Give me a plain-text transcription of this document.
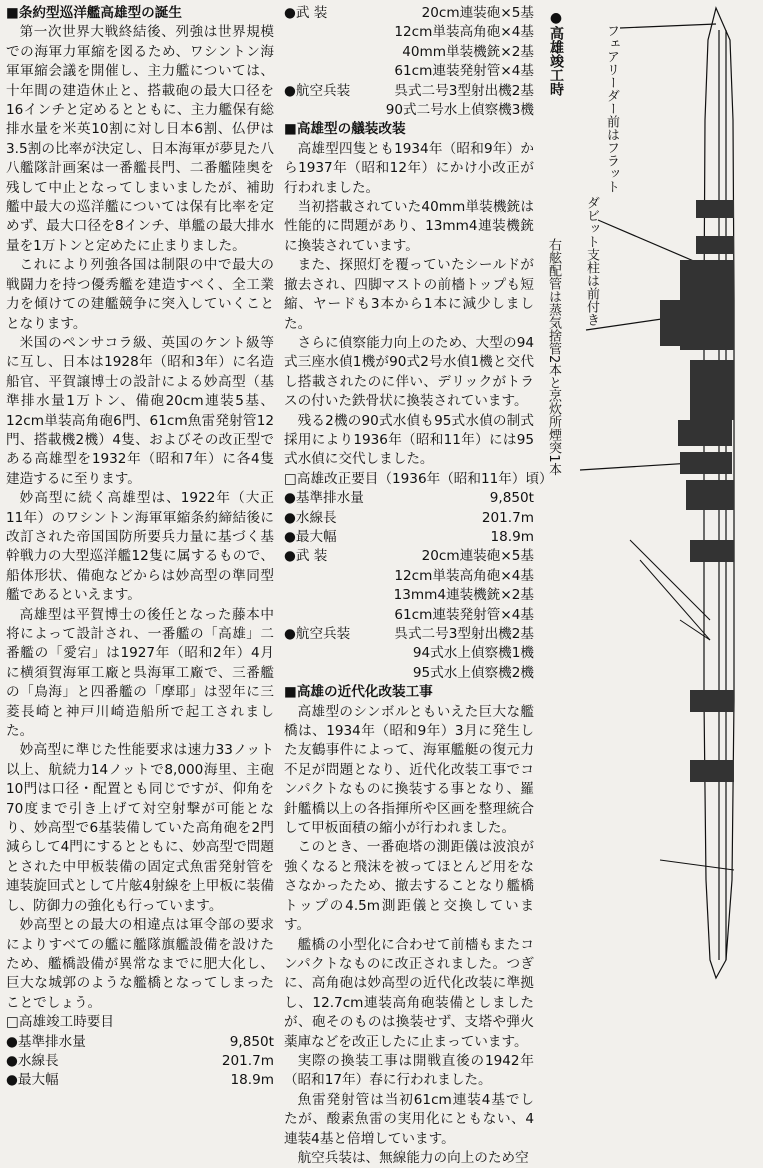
■条約型巡洋艦高雄型の誕生

第一次世界大戦終結後、列強は世界規模での海軍力軍縮を図るため、ワシントン海軍軍縮会議を開催し、主力艦については、十年間の建造休止と、搭載砲の最大口径を16インチと定めるとともに、主力艦保有総排水量を米英10割に対し日本6割、仏伊は3.5割の比率が決定し、日本海軍が夢見た八八艦隊計画案は一番艦長門、二番艦陸奥を残して中止となってしまいましたが、補助艦中最大の巡洋艦については保有比率を定めず、最大口径を8インチ、単艦の最大排水量を1万トンと定めたに止まりました。

これにより列強各国は制限の中で最大の戦闘力を持つ優秀艦を建造すべく、全工業力を傾けての建艦競争に突入していくこととなります。

米国のペンサコラ級、英国のケント級等に互し、日本は1928年（昭和3年）に名造船官、平賀譲博士の設計による妙高型（基準排水量1万トン、備砲20cm連装5基、12cm単装高角砲6門、61cm魚雷発射管12門、搭載機2機）4隻、およびその改正型である高雄型を1932年（昭和7年）に各4隻建造するに至ります。

妙高型に続く高雄型は、1922年（大正11年）のワシントン海軍軍縮条約締結後に改訂された帝国国防所要兵力量に基づく基幹戦力の大型巡洋艦12隻に属するもので、船体形状、備砲などからは妙高型の準同型艦であるといえます。

高雄型は平賀博士の後任となった藤本中将によって設計され、一番艦の「高雄」二番艦の「愛宕」は1927年（昭和2年）4月に横須賀海軍工廠と呉海軍工廠で、三番艦の「鳥海」と四番艦の「摩耶」は翌年に三菱長崎と神戸川崎造船所で起工されました。

妙高型に準じた性能要求は速力33ノット以上、航続力14ノットで8,000海里、主砲10門は口径・配置とも同じですが、仰角を70度まで引き上げて対空射撃が可能となり、妙高型で6基装備していた高角砲を2門減らして4門にするとともに、妙高型で問題とされた中甲板装備の固定式魚雷発射管を連装旋回式として片舷4射線を上甲板に装備し、防御力の強化も行っています。

妙高型との最大の相違点は軍令部の要求によりすべての艦に艦隊旗艦設備を設けたため、艦橋設備が異常なまでに肥大化し、巨大な城郭のような艦橋となってしまったことでしょう。

□高雄竣工時要目

●基準排水量	9,850t
●水線長	201.7m
●最大幅	18.9m
●武 装	20cm連装砲×5基
12cm単装高角砲×4基
40mm単装機銃×2基
61cm連装発射管×4基
●航空兵装	呉式二号3型射出機2基
90式二号水上偵察機3機

■高雄型の艤装改装

高雄型四隻とも1934年（昭和9年）から1937年（昭和12年）にかけ小改正が行われました。

当初搭載されていた40mm単装機銃は性能的に問題があり、13mm4連装機銃に換装されています。

また、探照灯を覆っていたシールドが撤去され、四脚マストの前檣トップも短縮、ヤードも3本から1本に減少しました。

さらに偵察能力向上のため、大型の94式三座水偵1機が90式2号水偵1機と交代し搭載されたのに伴い、デリックがトラスの付いた鉄骨状に換装されています。

残る2機の90式水偵も95式水偵の制式採用により1936年（昭和11年）には95式水偵に交代しました。

□高雄改正要目（1936年（昭和11年）頃）

●基準排水量	9,850t
●水線長	201.7m
●最大幅	18.9m
●武 装	20cm連装砲×5基
12cm単装高角砲×4基
13mm4連装機銃×2基
61cm連装発射管×4基
●航空兵装	呉式二号3型射出機2基
94式水上偵察機1機
95式水上偵察機2機

■高雄の近代化改装工事

高雄型のシンボルともいえた巨大な艦橋は、1934年（昭和9年）3月に発生した友鶴事件によって、海軍艦艇の復元力不足が問題となり、近代化改装工事でコンパクトなものに換装する事となり、羅針艦橋以上の各指揮所や区画を整理統合して甲板面積の縮小が行われました。

このとき、一番砲塔の測距儀は波浪が強くなると飛沫を被ってほとんど用をなさなかったため、撤去することなり艦橋トップの4.5m測距儀と交換しています。

艦橋の小型化に合わせて前檣もまたコンパクトなものに改正されました。つぎに、高角砲は妙高型の近代化改装に準拠し、12.7cm連装高角砲装備としましたが、砲そのものは換装せず、支塔や弾火薬庫などを改正したに止まっています。

実際の換装工事は開戦直後の1942年（昭和17年）春に行われました。

魚雷発射管は当初61cm連装4基でしたが、酸素魚雷の実用化にともない、4連装4基と倍増しています。

航空兵装は、無線能力の向上のため空

●高雄竣工時	フェアリーダー前はフラット
ダビット支柱は前付き
右舷配管は蒸気捨管2本と烹炊所煙突1本
